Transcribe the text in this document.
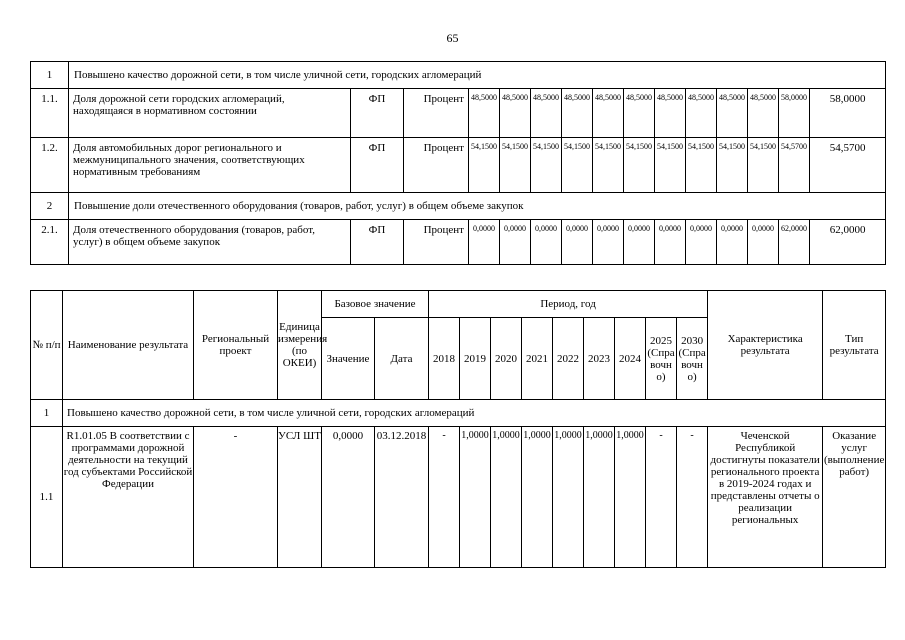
65
1	Повышено качество дорожной сети, в том числе уличной сети, городских агломераций														
1.1.	Доля дорожной сети городских агломераций, находящаяся в нормативном состоянии	ФП	Процент	48,5000	48,5000	48,5000	48,5000	48,5000	48,5000	48,5000	48,5000	48,5000	48,5000	58,0000	58,0000
1.2.	Доля автомобильных дорог регионального и межмуниципального значения, соответствующих нормативным требованиям	ФП	Процент	54,1500	54,1500	54,1500	54,1500	54,1500	54,1500	54,1500	54,1500	54,1500	54,1500	54,5700	54,5700
2	Повышение доли отечественного оборудования (товаров, работ, услуг) в общем объеме закупок														
2.1.	Доля отечественного оборудования (товаров, работ, услуг) в общем объеме закупок	ФП	Процент	0,0000	0,0000	0,0000	0,0000	0,0000	0,0000	0,0000	0,0000	0,0000	0,0000	62,0000	62,0000
№ п/п	Наименование результата	Региональный проект	Единица измерения (по ОКЕИ)	Базовое значение		Период, год									Характеристика результата	Тип результата
				Значение	Дата	2018	2019	2020	2021	2022	2023	2024	2025 (Справочно)	2030 (Справочно)		
1	Повышено качество дорожной сети, в том числе уличной сети, городских агломераций															
1.1	R1.01.05 В соответствии с программами дорожной деятельности на текущий год субъектами Российской Федерации	-	УСЛ ШТ	0,0000	03.12.2018	-	1,0000	1,0000	1,0000	1,0000	1,0000	1,0000	-	-	Чеченской Республикой достигнуты показатели регионального проекта в 2019-2024 годах и представлены отчеты о реализации региональных	Оказание услуг (выполнение работ)
